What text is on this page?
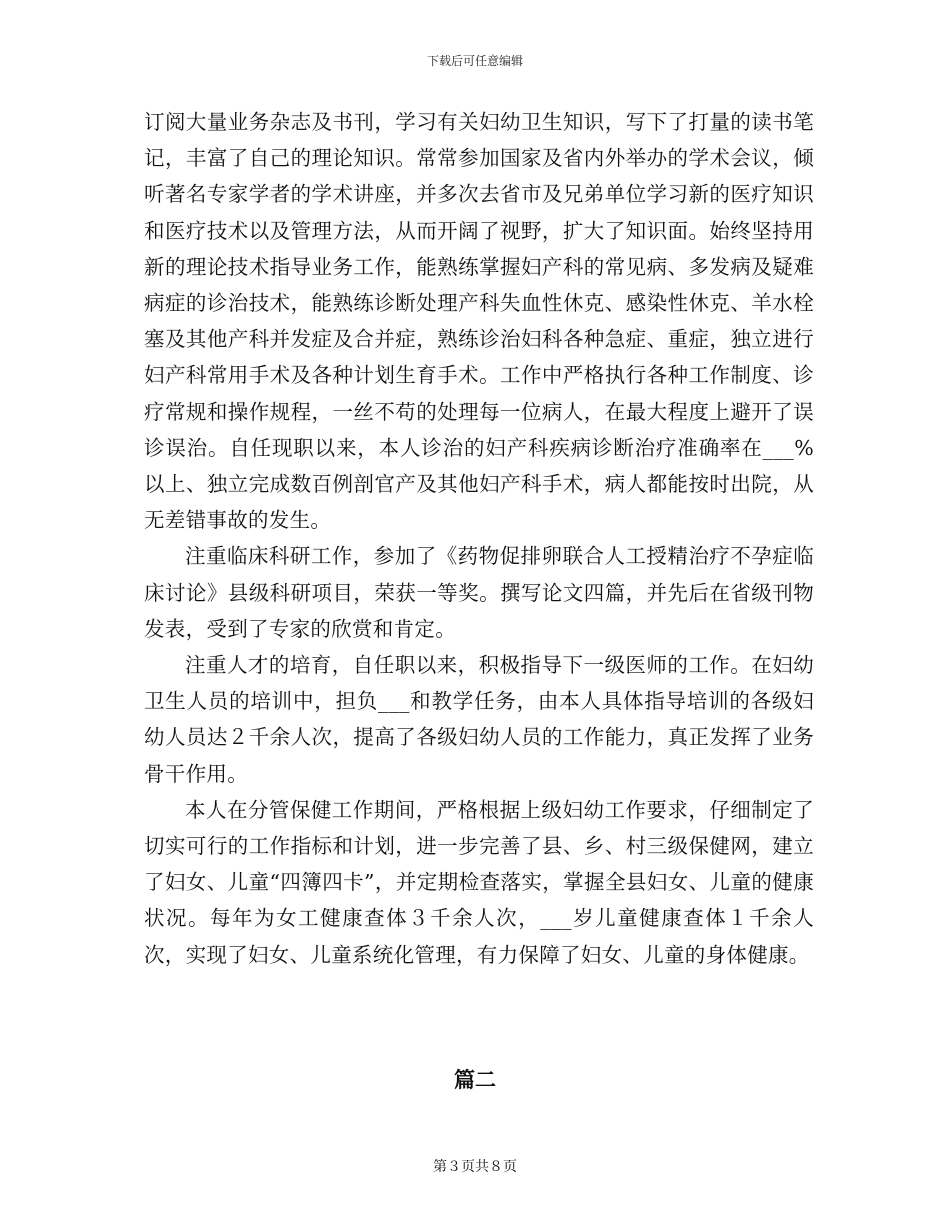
下载后可任意编辑

订阅大量业务杂志及书刊，学习有关妇幼卫生知识，写下了打量的读书笔记，丰富了自己的理论知识。常常参加国家及省内外举办的学术会议，倾听著名专家学者的学术讲座，并多次去省市及兄弟单位学习新的医疗知识和医疗技术以及管理方法，从而开阔了视野，扩大了知识面。始终坚持用新的理论技术指导业务工作，能熟练掌握妇产科的常见病、多发病及疑难病症的诊治技术，能熟练诊断处理产科失血性休克、感染性休克、羊水栓塞及其他产科并发症及合并症，熟练诊治妇科各种急症、重症，独立进行妇产科常用手术及各种计划生育手术。工作中严格执行各种工作制度、诊疗常规和操作规程，一丝不苟的处理每一位病人，在最大程度上避开了误诊误治。自任现职以来，本人诊治的妇产科疾病诊断治疗准确率在___%以上、独立完成数百例剖官产及其他妇产科手术，病人都能按时出院，从无差错事故的发生。

注重临床科研工作，参加了《药物促排卵联合人工授精治疗不孕症临床讨论》县级科研项目，荣获一等奖。撰写论文四篇，并先后在省级刊物发表，受到了专家的欣赏和肯定。

注重人才的培育，自任职以来，积极指导下一级医师的工作。在妇幼卫生人员的培训中，担负___和教学任务，由本人具体指导培训的各级妇幼人员达２千余人次，提高了各级妇幼人员的工作能力，真正发挥了业务骨干作用。

本人在分管保健工作期间，严格根据上级妇幼工作要求，仔细制定了切实可行的工作指标和计划，进一步完善了县、乡、村三级保健网，建立了妇女、儿童“四簿四卡”，并定期检查落实，掌握全县妇女、儿童的健康状况。每年为女工健康查体３千余人次，___岁儿童健康查体１千余人次，实现了妇女、儿童系统化管理，有力保障了妇女、儿童的身体健康。

篇二
第３页共８页
